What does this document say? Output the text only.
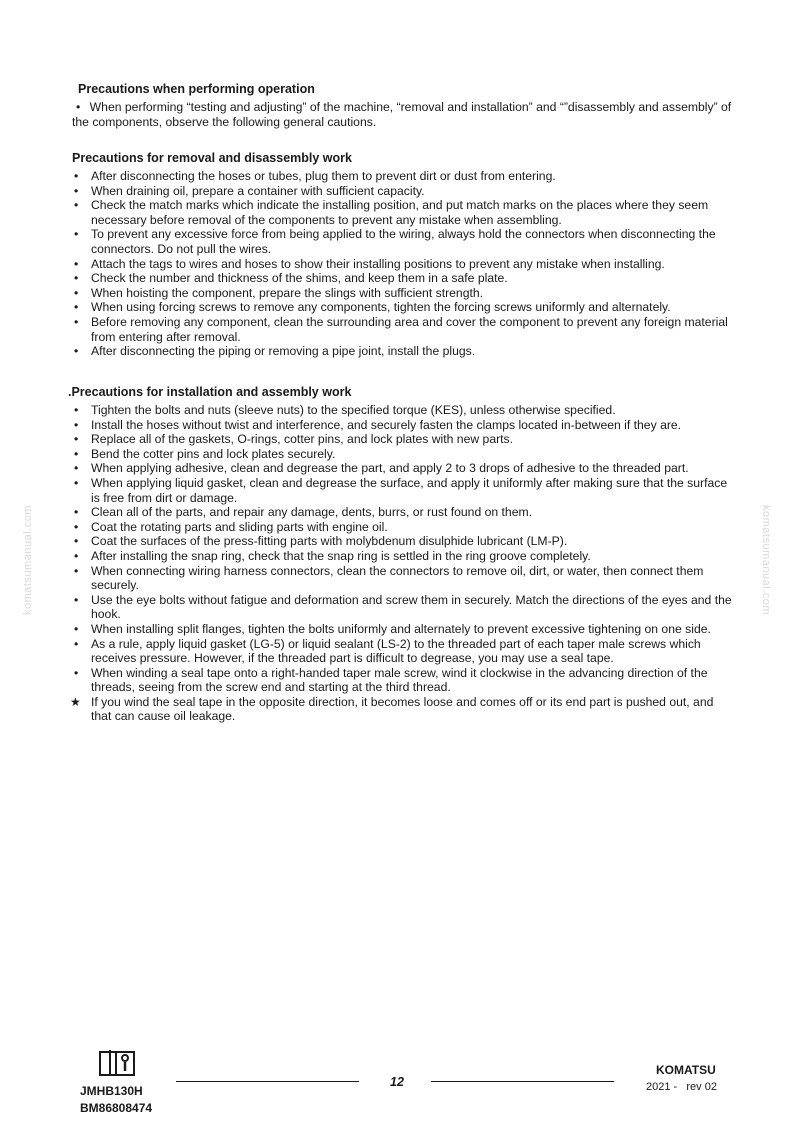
komatsumanual.com	komatsumanual.com
Precautions when performing operation
• When performing “testing and adjusting” of the machine, “removal and installation” and “”disassembly and assembly” of the components, observe the following general cautions.
Precautions for removal and disassembly work
•	After disconnecting the hoses or tubes, plug them to prevent dirt or dust from entering.
•	When draining oil, prepare a container with sufficient capacity.
•	Check the match marks which indicate the installing position, and put match marks on the places where they seem necessary before removal of the components to prevent any mistake when assembling.
•	To prevent any excessive force from being applied to the wiring, always hold the connectors when disconnecting the connectors. Do not pull the wires.
•	Attach the tags to wires and hoses to show their installing positions to prevent any mistake when installing.
•	Check the number and thickness of the shims, and keep them in a safe plate.
•	When hoisting the component, prepare the slings with sufficient strength.
•	When using forcing screws to remove any components, tighten the forcing screws uniformly and alternately.
•	Before removing any component, clean the surrounding area and cover the component to prevent any foreign material from entering after removal.
•	After disconnecting the piping or removing a pipe joint, install the plugs.
.Precautions for installation and assembly work
•	Tighten the bolts and nuts (sleeve nuts) to the specified torque (KES), unless otherwise specified.
•	Install the hoses without twist and interference, and securely fasten the clamps located in-between if they are.
•	Replace all of the gaskets, O-rings, cotter pins, and lock plates with new parts.
•	Bend the cotter pins and lock plates securely.
•	When applying adhesive, clean and degrease the part, and apply 2 to 3 drops of adhesive to the threaded part.
•	When applying liquid gasket, clean and degrease the surface, and apply it uniformly after making sure that the surface is free from dirt or damage.
•	Clean all of the parts, and repair any damage, dents, burrs, or rust found on them.
•	Coat the rotating parts and sliding parts with engine oil.
•	Coat the surfaces of the press-fitting parts with molybdenum disulphide lubricant (LM-P).
•	After installing the snap ring, check that the snap ring is settled in the ring groove completely.
•	When connecting wiring harness connectors, clean the connectors to remove oil, dirt, or water, then connect them securely.
•	Use the eye bolts without fatigue and deformation and screw them in securely. Match the directions of the eyes and the hook.
•	When installing split flanges, tighten the bolts uniformly and alternately to prevent excessive tightening on one side.
•	As a rule, apply liquid gasket (LG-5) or liquid sealant (LS-2) to the threaded part of each taper male screws which receives pressure. However, if the threaded part is difficult to degrease, you may use a seal tape.
•	When winding a seal tape onto a right-handed taper male screw, wind it clockwise in the advancing direction of the threads, seeing from the screw end and starting at the third thread.
★ If you wind the seal tape in the opposite direction, it becomes loose and comes off or its end part is pushed out, and that can cause oil leakage.
JMHB130H
BM86808474
12
KOMATSU
2021 -   rev 02
